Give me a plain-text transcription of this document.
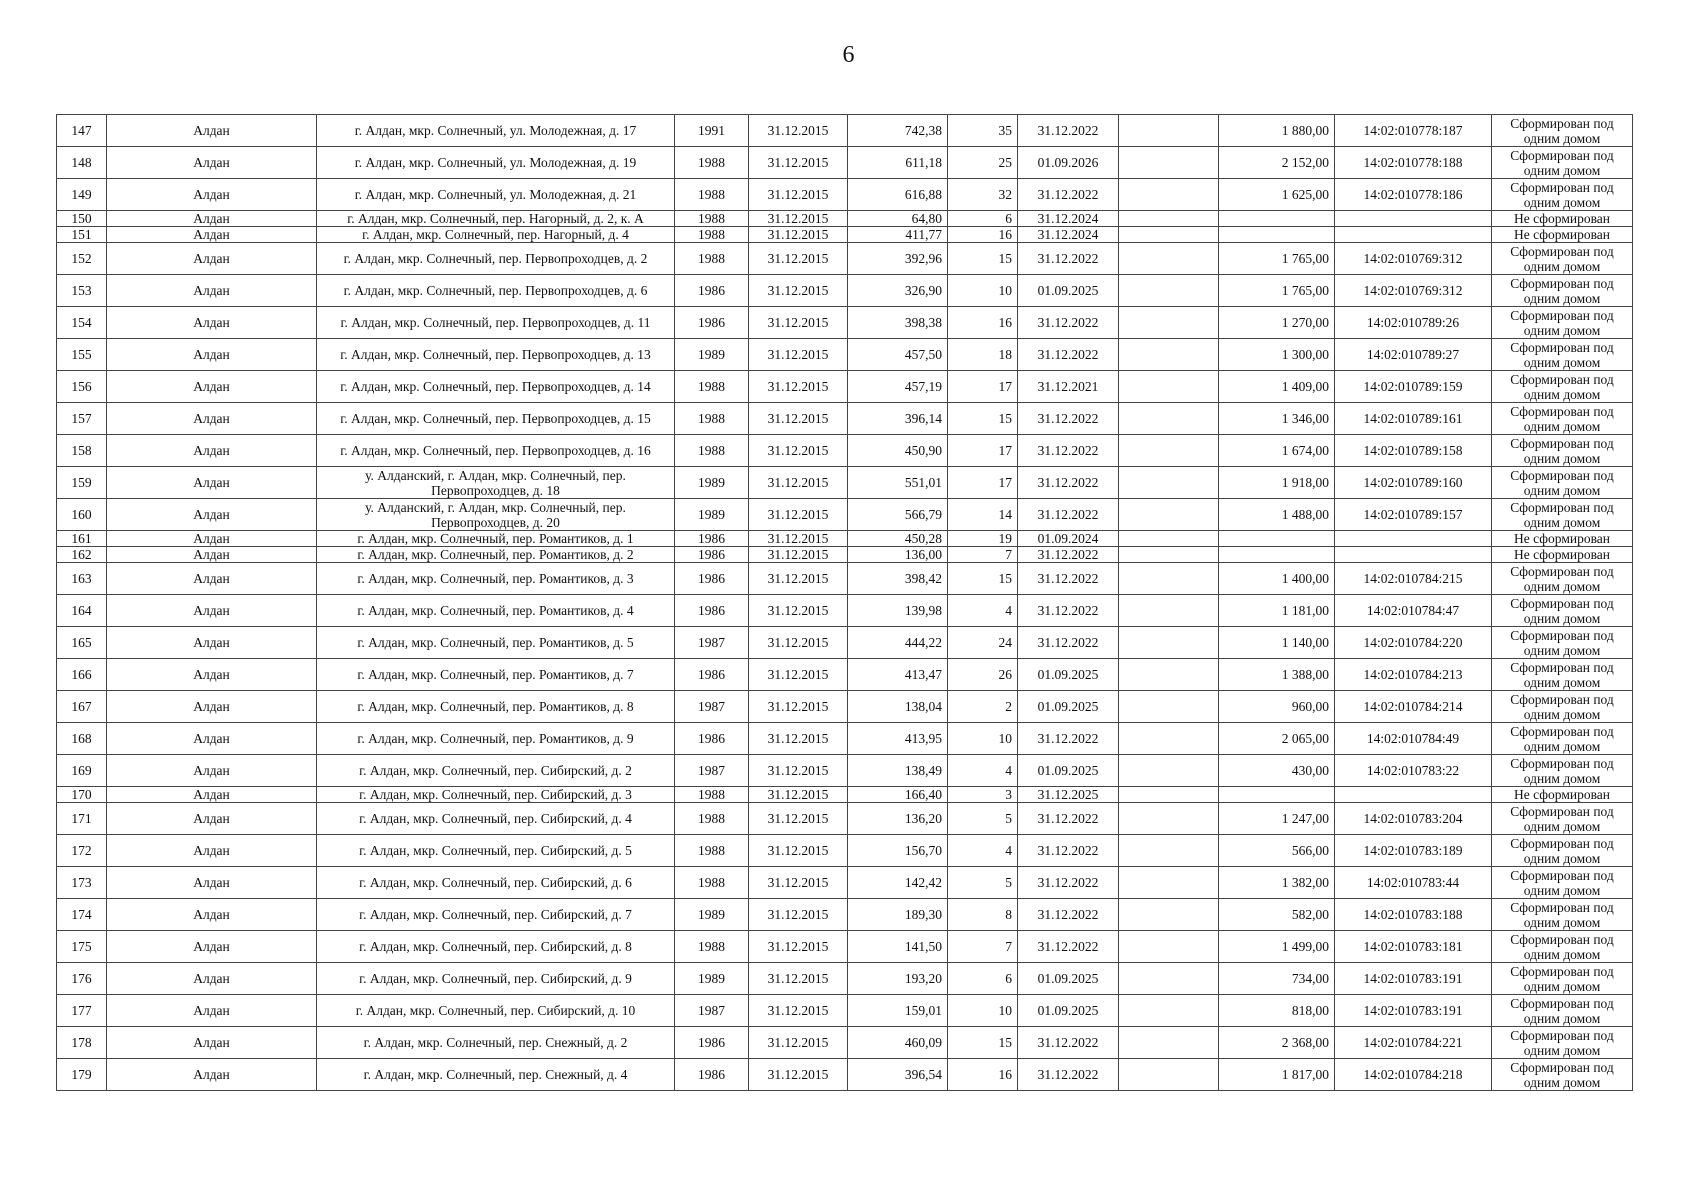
6
147	Алдан	г. Алдан, мкр. Солнечный, ул. Молодежная, д. 17	1991	31.12.2015	742,38	35	31.12.2022		1 880,00	14:02:010778:187	Сформирован под одним домом
148	Алдан	г. Алдан, мкр. Солнечный, ул. Молодежная, д. 19	1988	31.12.2015	611,18	25	01.09.2026		2 152,00	14:02:010778:188	Сформирован под одним домом
149	Алдан	г. Алдан, мкр. Солнечный, ул. Молодежная, д. 21	1988	31.12.2015	616,88	32	31.12.2022		1 625,00	14:02:010778:186	Сформирован под одним домом
150	Алдан	г. Алдан, мкр. Солнечный, пер. Нагорный, д. 2, к. А	1988	31.12.2015	64,80	6	31.12.2024				Не сформирован
151	Алдан	г. Алдан, мкр. Солнечный, пер. Нагорный, д. 4	1988	31.12.2015	411,77	16	31.12.2024				Не сформирован
152	Алдан	г. Алдан, мкр. Солнечный, пер. Первопроходцев, д. 2	1988	31.12.2015	392,96	15	31.12.2022		1 765,00	14:02:010769:312	Сформирован под одним домом
153	Алдан	г. Алдан, мкр. Солнечный, пер. Первопроходцев, д. 6	1986	31.12.2015	326,90	10	01.09.2025		1 765,00	14:02:010769:312	Сформирован под одним домом
154	Алдан	г. Алдан, мкр. Солнечный, пер. Первопроходцев, д. 11	1986	31.12.2015	398,38	16	31.12.2022		1 270,00	14:02:010789:26	Сформирован под одним домом
155	Алдан	г. Алдан, мкр. Солнечный, пер. Первопроходцев, д. 13	1989	31.12.2015	457,50	18	31.12.2022		1 300,00	14:02:010789:27	Сформирован под одним домом
156	Алдан	г. Алдан, мкр. Солнечный, пер. Первопроходцев, д. 14	1988	31.12.2015	457,19	17	31.12.2021		1 409,00	14:02:010789:159	Сформирован под одним домом
157	Алдан	г. Алдан, мкр. Солнечный, пер. Первопроходцев, д. 15	1988	31.12.2015	396,14	15	31.12.2022		1 346,00	14:02:010789:161	Сформирован под одним домом
158	Алдан	г. Алдан, мкр. Солнечный, пер. Первопроходцев, д. 16	1988	31.12.2015	450,90	17	31.12.2022		1 674,00	14:02:010789:158	Сформирован под одним домом
159	Алдан	у. Алданский, г. Алдан, мкр. Солнечный, пер. Первопроходцев, д. 18	1989	31.12.2015	551,01	17	31.12.2022		1 918,00	14:02:010789:160	Сформирован под одним домом
160	Алдан	у. Алданский, г. Алдан, мкр. Солнечный, пер. Первопроходцев, д. 20	1989	31.12.2015	566,79	14	31.12.2022		1 488,00	14:02:010789:157	Сформирован под одним домом
161	Алдан	г. Алдан, мкр. Солнечный, пер. Романтиков, д. 1	1986	31.12.2015	450,28	19	01.09.2024				Не сформирован
162	Алдан	г. Алдан, мкр. Солнечный, пер. Романтиков, д. 2	1986	31.12.2015	136,00	7	31.12.2022				Не сформирован
163	Алдан	г. Алдан, мкр. Солнечный, пер. Романтиков, д. 3	1986	31.12.2015	398,42	15	31.12.2022		1 400,00	14:02:010784:215	Сформирован под одним домом
164	Алдан	г. Алдан, мкр. Солнечный, пер. Романтиков, д. 4	1986	31.12.2015	139,98	4	31.12.2022		1 181,00	14:02:010784:47	Сформирован под одним домом
165	Алдан	г. Алдан, мкр. Солнечный, пер. Романтиков, д. 5	1987	31.12.2015	444,22	24	31.12.2022		1 140,00	14:02:010784:220	Сформирован под одним домом
166	Алдан	г. Алдан, мкр. Солнечный, пер. Романтиков, д. 7	1986	31.12.2015	413,47	26	01.09.2025		1 388,00	14:02:010784:213	Сформирован под одним домом
167	Алдан	г. Алдан, мкр. Солнечный, пер. Романтиков, д. 8	1987	31.12.2015	138,04	2	01.09.2025		960,00	14:02:010784:214	Сформирован под одним домом
168	Алдан	г. Алдан, мкр. Солнечный, пер. Романтиков, д. 9	1986	31.12.2015	413,95	10	31.12.2022		2 065,00	14:02:010784:49	Сформирован под одним домом
169	Алдан	г. Алдан, мкр. Солнечный, пер. Сибирский, д. 2	1987	31.12.2015	138,49	4	01.09.2025		430,00	14:02:010783:22	Сформирован под одним домом
170	Алдан	г. Алдан, мкр. Солнечный, пер. Сибирский, д. 3	1988	31.12.2015	166,40	3	31.12.2025				Не сформирован
171	Алдан	г. Алдан, мкр. Солнечный, пер. Сибирский, д. 4	1988	31.12.2015	136,20	5	31.12.2022		1 247,00	14:02:010783:204	Сформирован под одним домом
172	Алдан	г. Алдан, мкр. Солнечный, пер. Сибирский, д. 5	1988	31.12.2015	156,70	4	31.12.2022		566,00	14:02:010783:189	Сформирован под одним домом
173	Алдан	г. Алдан, мкр. Солнечный, пер. Сибирский, д. 6	1988	31.12.2015	142,42	5	31.12.2022		1 382,00	14:02:010783:44	Сформирован под одним домом
174	Алдан	г. Алдан, мкр. Солнечный, пер. Сибирский, д. 7	1989	31.12.2015	189,30	8	31.12.2022		582,00	14:02:010783:188	Сформирован под одним домом
175	Алдан	г. Алдан, мкр. Солнечный, пер. Сибирский, д. 8	1988	31.12.2015	141,50	7	31.12.2022		1 499,00	14:02:010783:181	Сформирован под одним домом
176	Алдан	г. Алдан, мкр. Солнечный, пер. Сибирский, д. 9	1989	31.12.2015	193,20	6	01.09.2025		734,00	14:02:010783:191	Сформирован под одним домом
177	Алдан	г. Алдан, мкр. Солнечный, пер. Сибирский, д. 10	1987	31.12.2015	159,01	10	01.09.2025		818,00	14:02:010783:191	Сформирован под одним домом
178	Алдан	г. Алдан, мкр. Солнечный, пер. Снежный, д. 2	1986	31.12.2015	460,09	15	31.12.2022		2 368,00	14:02:010784:221	Сформирован под одним домом
179	Алдан	г. Алдан, мкр. Солнечный, пер. Снежный, д. 4	1986	31.12.2015	396,54	16	31.12.2022		1 817,00	14:02:010784:218	Сформирован под одним домом
